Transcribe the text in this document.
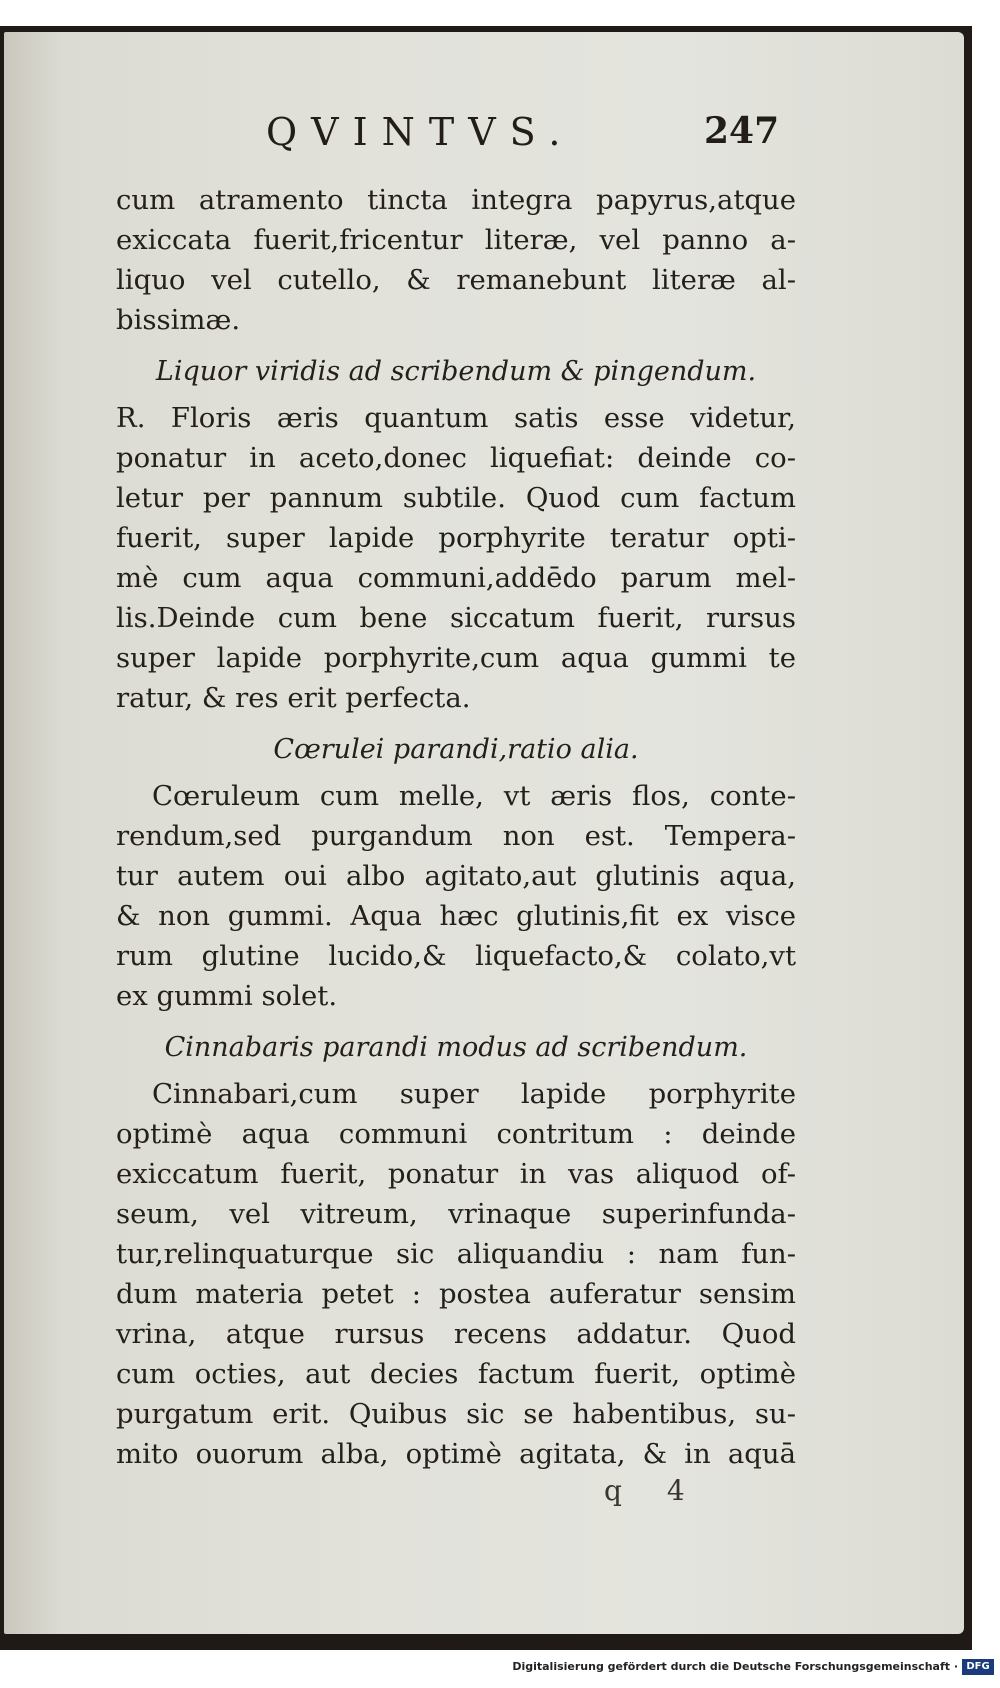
QVINTVS.	247
cum atramento tincta integra papyrus,atque
exiccata fuerit,fricentur literæ, vel panno a-
liquo vel cutello, & remanebunt literæ al-
bissimæ.
Liquor viridis ad scribendum & pingendum.
R. Floris æris quantum satis esse videtur,
ponatur in aceto,donec liquefiat: deinde co-
letur per pannum subtile. Quod cum factum
fuerit, super lapide porphyrite teratur opti-
mè cum aqua communi,addēdo parum mel-
lis.Deinde cum bene siccatum fuerit, rursus
super lapide porphyrite,cum aqua gummi te
ratur, & res erit perfecta.
Cœrulei parandi,ratio alia.
Cœruleum cum melle, vt æris flos, conte-
rendum,sed purgandum non est. Tempera-
tur autem oui albo agitato,aut glutinis aqua,
& non gummi. Aqua hæc glutinis,fit ex visce
rum glutine lucido,& liquefacto,& colato,vt
ex gummi solet.
Cinnabaris parandi modus ad scribendum.
Cinnabari,cum super lapide porphyrite
optimè aqua communi contritum : deinde
exiccatum fuerit, ponatur in vas aliquod of-
seum, vel vitreum, vrinaque superinfunda-
tur,relinquaturque sic aliquandiu : nam fun-
dum materia petet : postea auferatur sensim
vrina, atque rursus recens addatur. Quod
cum octies, aut decies factum fuerit, optimè
purgatum erit. Quibus sic se habentibus, su-
mito ouorum alba, optimè agitata, & in aquā
q 4
Digitalisierung gefördert durch die Deutsche Forschungsgemeinschaft · DFG
